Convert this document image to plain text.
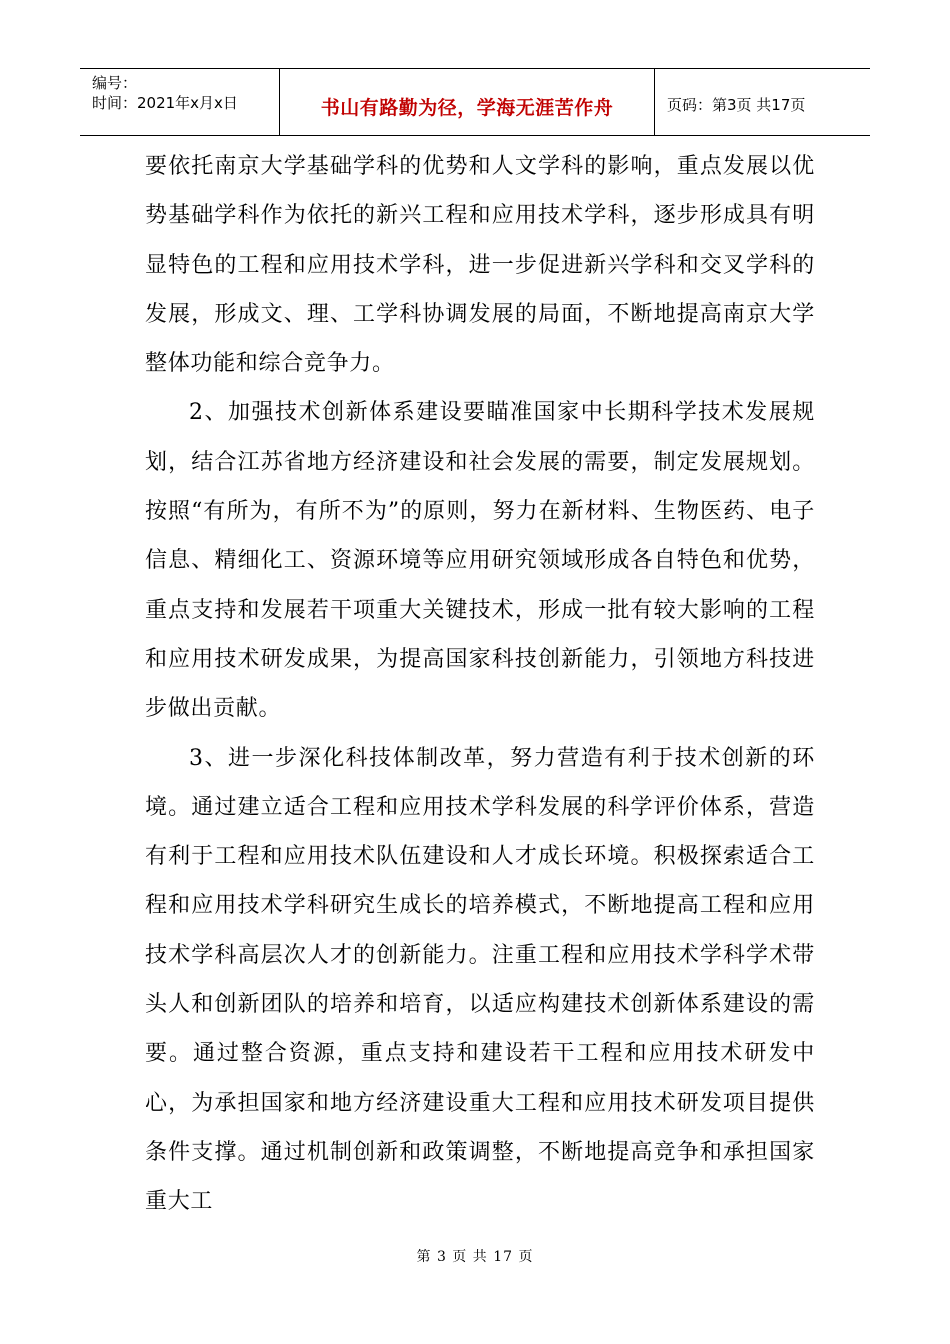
编号：
时间：2021年x月x日	书山有路勤为径，学海无涯苦作舟	页码：第3页 共17页

要依托南京大学基础学科的优势和人文学科的影响，重点发展以优势基础学科作为依托的新兴工程和应用技术学科，逐步形成具有明显特色的工程和应用技术学科，进一步促进新兴学科和交叉学科的发展，形成文、理、工学科协调发展的局面，不断地提高南京大学整体功能和综合竞争力。

2、加强技术创新体系建设要瞄准国家中长期科学技术发展规划，结合江苏省地方经济建设和社会发展的需要，制定发展规划。按照“有所为，有所不为”的原则，努力在新材料、生物医药、电子信息、精细化工、资源环境等应用研究领域形成各自特色和优势，重点支持和发展若干项重大关键技术，形成一批有较大影响的工程和应用技术研发成果，为提高国家科技创新能力，引领地方科技进步做出贡献。

3、进一步深化科技体制改革，努力营造有利于技术创新的环境。通过建立适合工程和应用技术学科发展的科学评价体系，营造有利于工程和应用技术队伍建设和人才成长环境。积极探索适合工程和应用技术学科研究生成长的培养模式，不断地提高工程和应用技术学科高层次人才的创新能力。注重工程和应用技术学科学术带头人和创新团队的培养和培育，以适应构建技术创新体系建设的需要。通过整合资源，重点支持和建设若干工程和应用技术研发中心，为承担国家和地方经济建设重大工程和应用技术研发项目提供条件支撑。通过机制创新和政策调整，不断地提高竞争和承担国家重大工

第 3 页 共 17 页
